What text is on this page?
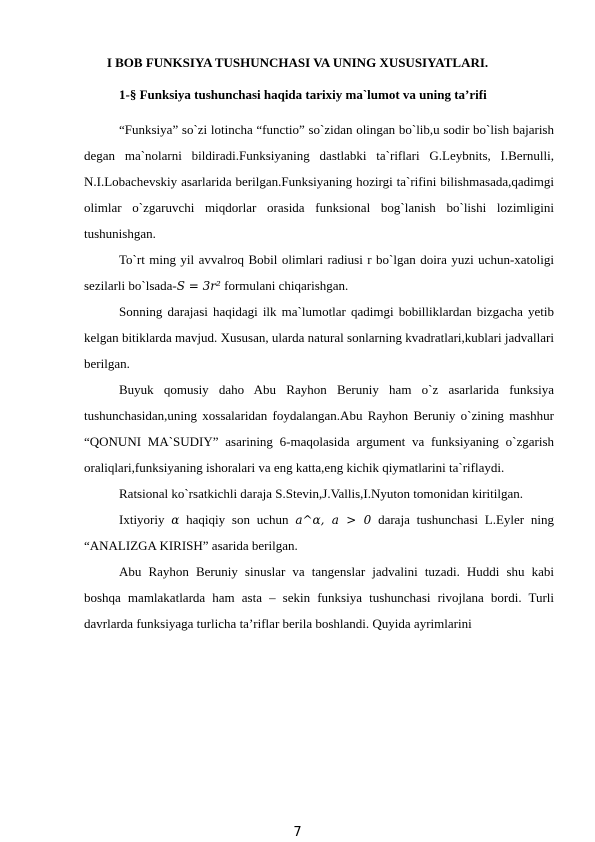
I BOB FUNKSIYA TUSHUNCHASI VA UNING XUSUSIYATLARI.
1-§ Funksiya tushunchasi haqida tarixiy ma`lumot va uning ta’rifi

“Funksiya” so`zi lotincha “functio” so`zidan olingan bo`lib,u sodir bo`lish bajarish degan ma`nolarni bildiradi.Funksiyaning dastlabki ta`riflari G.Leybnits, I.Bernulli, N.I.Lobachevskiy asarlarida berilgan.Funksiyaning hozirgi ta`rifini bilishmasada,qadimgi olimlar o`zgaruvchi miqdorlar orasida funksional bog`lanish bo`lishi lozimligini tushunishgan.

To`rt ming yil avvalroq Bobil olimlari radiusi r bo`lgan doira yuzi uchun-xatoligi sezilarli bo`lsada-S = 3r² formulani chiqarishgan.

Sonning darajasi haqidagi ilk ma`lumotlar qadimgi bobilliklardan bizgacha yetib kelgan bitiklarda mavjud. Xususan, ularda natural sonlarning kvadratlari,kublari jadvallari berilgan.

Buyuk qomusiy daho Abu Rayhon Beruniy ham o`z asarlarida funksiya tushunchasidan,uning xossalaridan foydalangan.Abu Rayhon Beruniy o`zining mashhur “QONUNI MA`SUDIY” asarining 6-maqolasida argument va funksiyaning o`zgarish oraliqlari,funksiyaning ishoralari va eng katta,eng kichik qiymatlarini ta`riflaydi.

Ratsional ko`rsatkichli daraja S.Stevin,J.Vallis,I.Nyuton tomonidan kiritilgan.

Ixtiyoriy α haqiqiy son uchun a^α, a > 0 daraja tushunchasi L.Eyler ning “ANALIZGA KIRISH” asarida berilgan.

Abu Rayhon Beruniy sinuslar va tangenslar jadvalini tuzadi. Huddi shu kabi boshqa mamlakatlarda ham asta – sekin funksiya tushunchasi rivojlana bordi. Turli davrlarda funksiyaga turlicha ta’riflar berila boshlandi. Quyida ayrimlarini

7
